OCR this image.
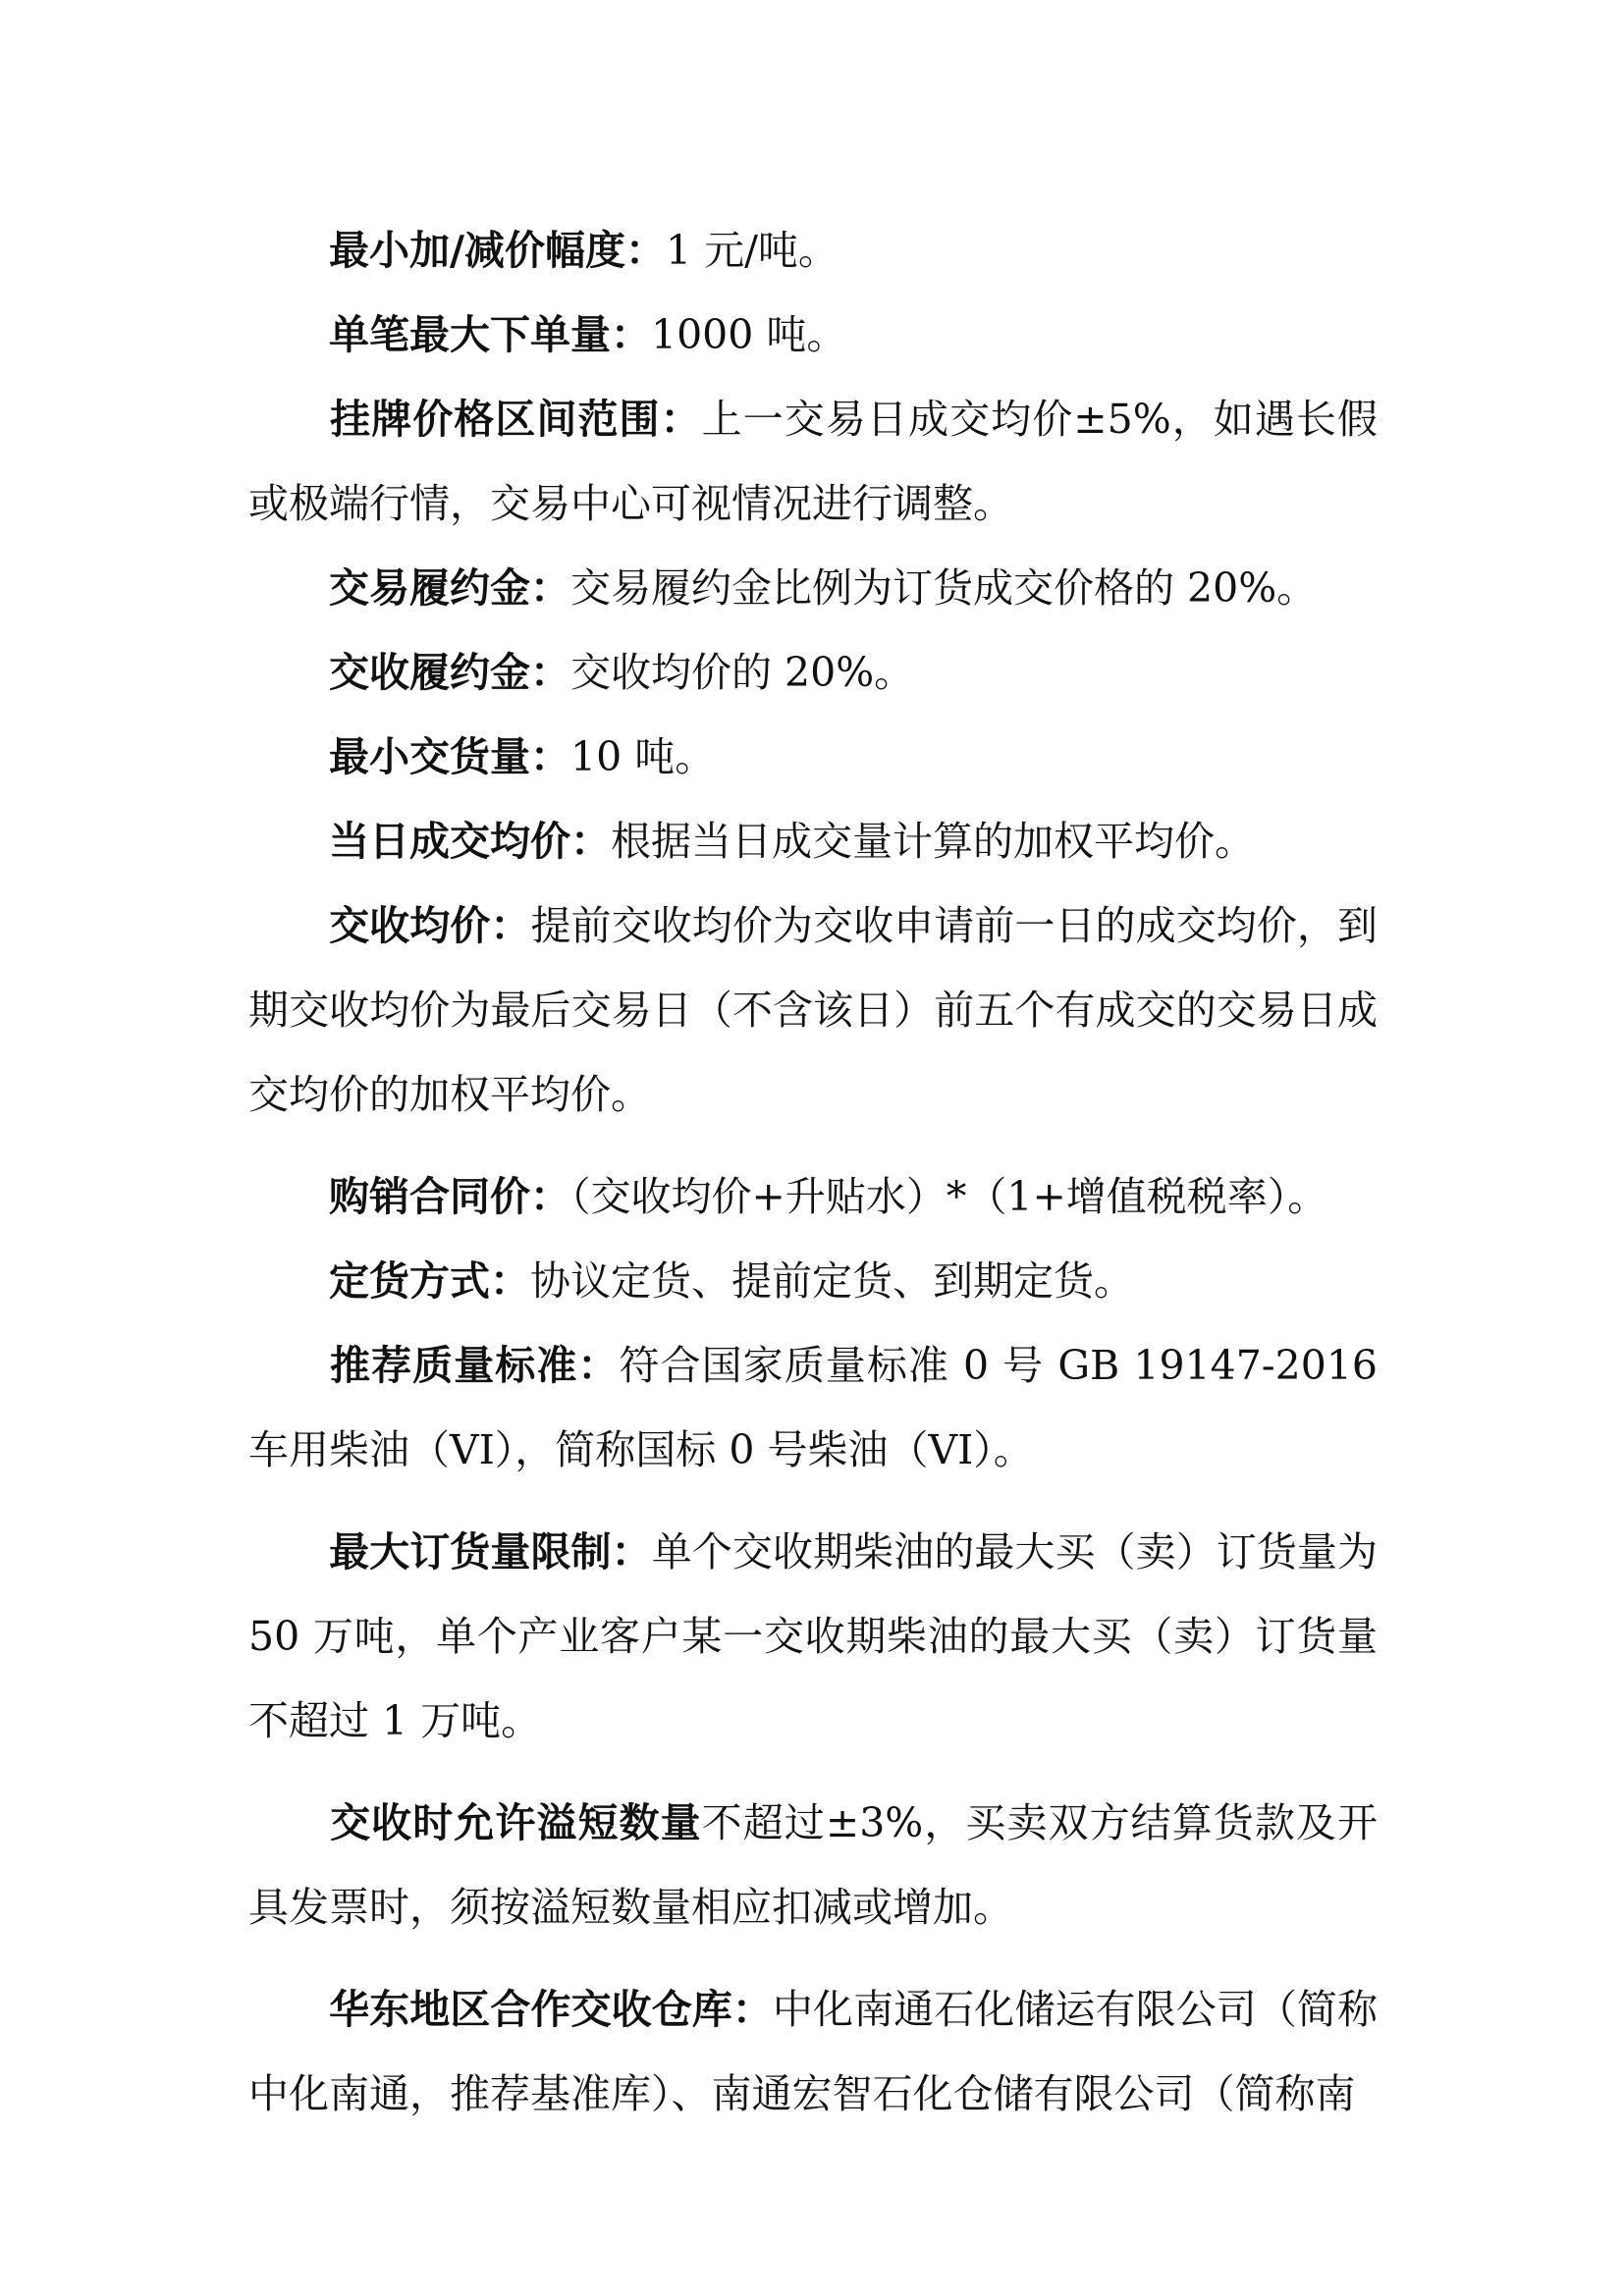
最小加/减价幅度：1 元/吨。

单笔最大下单量：1000 吨。

挂牌价格区间范围：上一交易日成交均价±5%，如遇长假或极端行情，交易中心可视情况进行调整。

交易履约金：交易履约金比例为订货成交价格的 20%。

交收履约金：交收均价的 20%。

最小交货量：10 吨。

当日成交均价：根据当日成交量计算的加权平均价。

交收均价：提前交收均价为交收申请前一日的成交均价，到期交收均价为最后交易日（不含该日）前五个有成交的交易日成交均价的加权平均价。

购销合同价：（交收均价+升贴水）*（1+增值税税率）。

定货方式：协议定货、提前定货、到期定货。

推荐质量标准：符合国家质量标准 0 号 GB 19147-2016 车用柴油（VI），简称国标 0 号柴油（VI）。

最大订货量限制：单个交收期柴油的最大买（卖）订货量为 50 万吨，单个产业客户某一交收期柴油的最大买（卖）订货量不超过 1 万吨。

交收时允许溢短数量不超过±3%，买卖双方结算货款及开具发票时，须按溢短数量相应扣减或增加。

华东地区合作交收仓库：中化南通石化储运有限公司（简称中化南通，推荐基准库）、南通宏智石化仓储有限公司（简称南
